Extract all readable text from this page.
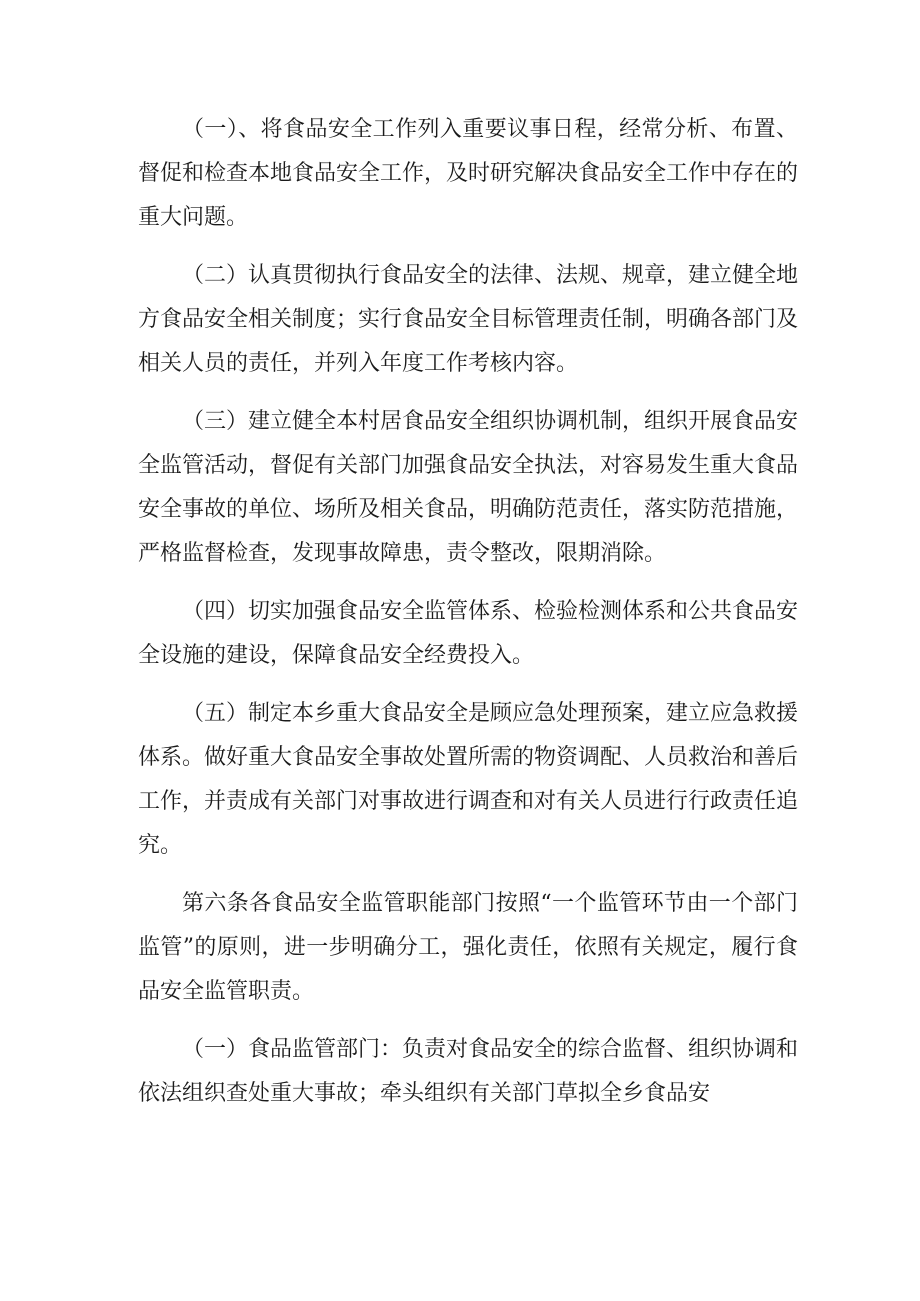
（一）、将食品安全工作列入重要议事日程，经常分析、布置、督促和检查本地食品安全工作，及时研究解决食品安全工作中存在的重大问题。

（二）认真贯彻执行食品安全的法律、法规、规章，建立健全地方食品安全相关制度；实行食品安全目标管理责任制，明确各部门及相关人员的责任，并列入年度工作考核内容。

（三）建立健全本村居食品安全组织协调机制，组织开展食品安全监管活动，督促有关部门加强食品安全执法，对容易发生重大食品安全事故的单位、场所及相关食品，明确防范责任，落实防范措施，严格监督检查，发现事故障患，责令整改，限期消除。

（四）切实加强食品安全监管体系、检验检测体系和公共食品安全设施的建设，保障食品安全经费投入。

（五）制定本乡重大食品安全是顾应急处理预案，建立应急救援体系。做好重大食品安全事故处置所需的物资调配、人员救治和善后工作，并责成有关部门对事故进行调查和对有关人员进行行政责任追究。

第六条各食品安全监管职能部门按照“一个监管环节由一个部门监管”的原则，进一步明确分工，强化责任，依照有关规定，履行食品安全监管职责。

（一）食品监管部门：负责对食品安全的综合监督、组织协调和依法组织查处重大事故；牵头组织有关部门草拟全乡食品安
